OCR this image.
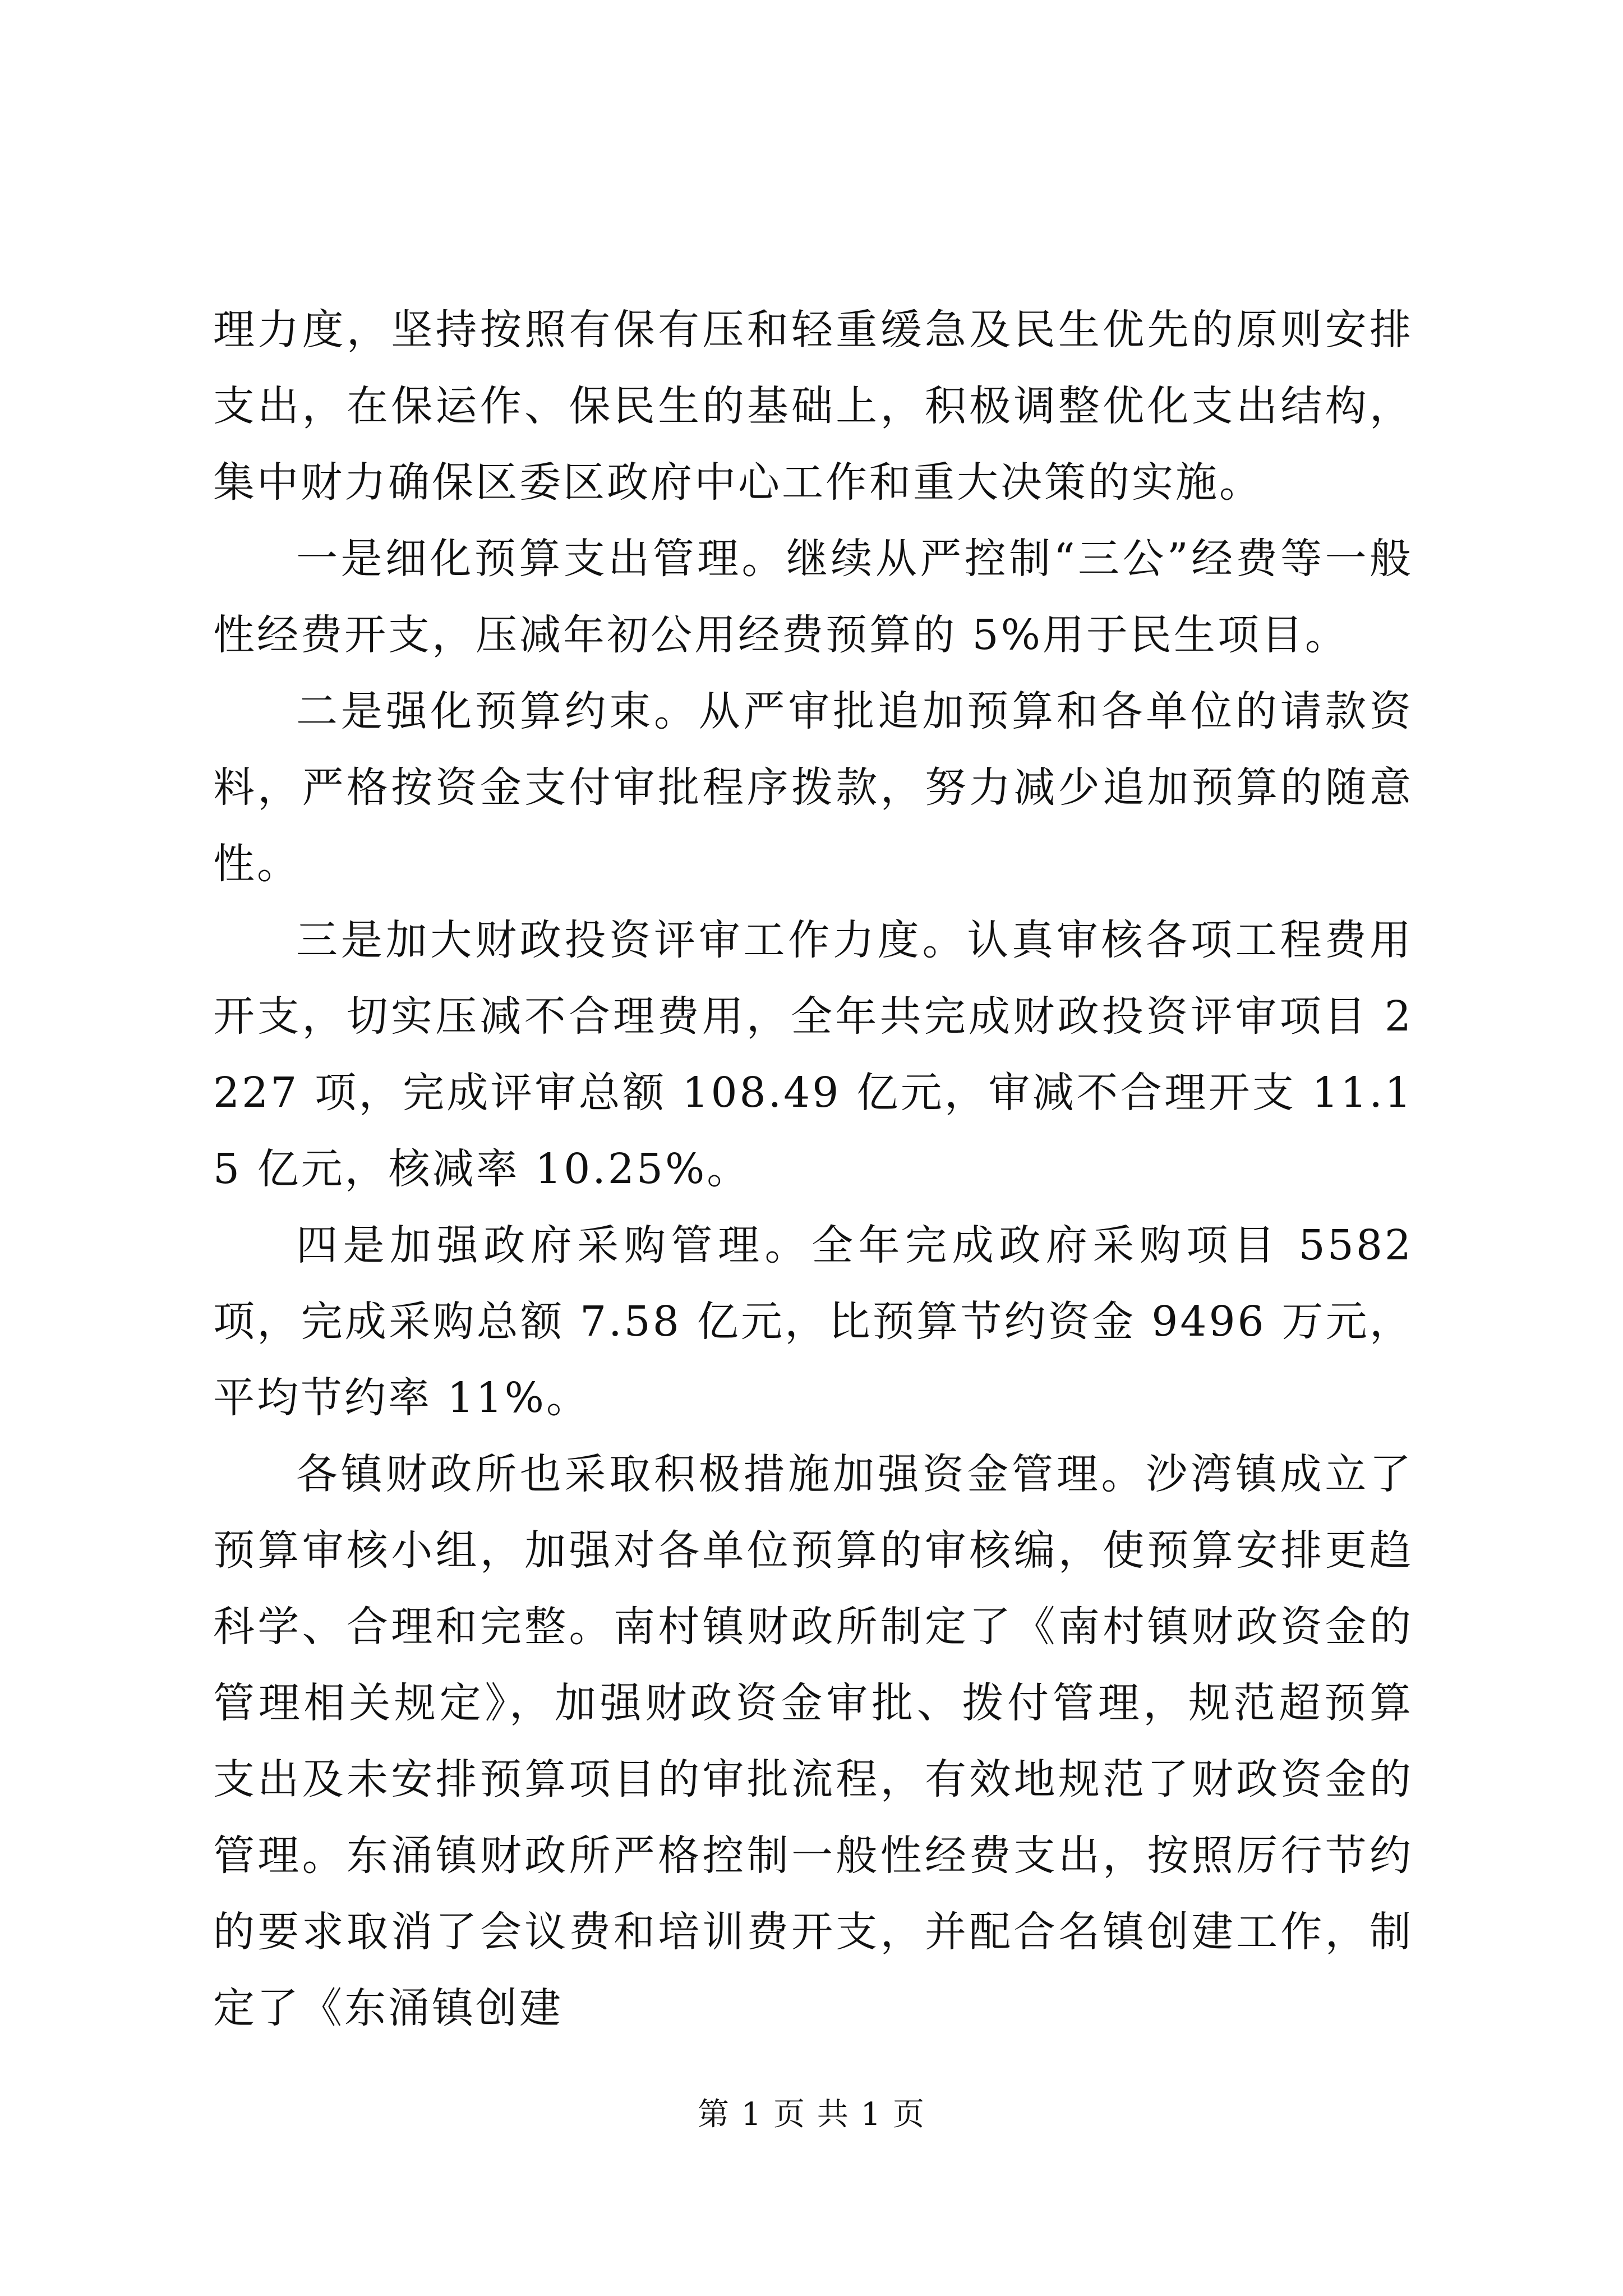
理力度，坚持按照有保有压和轻重缓急及民生优先的原则安排支出，在保运作、保民生的基础上，积极调整优化支出结构，集中财力确保区委区政府中心工作和重大决策的实施。

一是细化预算支出管理。继续从严控制“三公”经费等一般性经费开支，压减年初公用经费预算的 5%用于民生项目。

二是强化预算约束。从严审批追加预算和各单位的请款资料，严格按资金支付审批程序拨款，努力减少追加预算的随意性。

三是加大财政投资评审工作力度。认真审核各项工程费用开支，切实压减不合理费用，全年共完成财政投资评审项目 2227 项，完成评审总额 108.49 亿元，审减不合理开支 11.15 亿元，核减率 10.25%。

四是加强政府采购管理。全年完成政府采购项目 5582 项，完成采购总额 7.58 亿元，比预算节约资金 9496 万元，平均节约率 11%。

各镇财政所也采取积极措施加强资金管理。沙湾镇成立了预算审核小组，加强对各单位预算的审核编，使预算安排更趋科学、合理和完整。南村镇财政所制定了《南村镇财政资金的管理相关规定》，加强财政资金审批、拨付管理，规范超预算支出及未安排预算项目的审批流程，有效地规范了财政资金的管理。东涌镇财政所严格控制一般性经费支出，按照厉行节约的要求取消了会议费和培训费开支，并配合名镇创建工作，制定了《东涌镇创建

第 1 页 共 1 页
